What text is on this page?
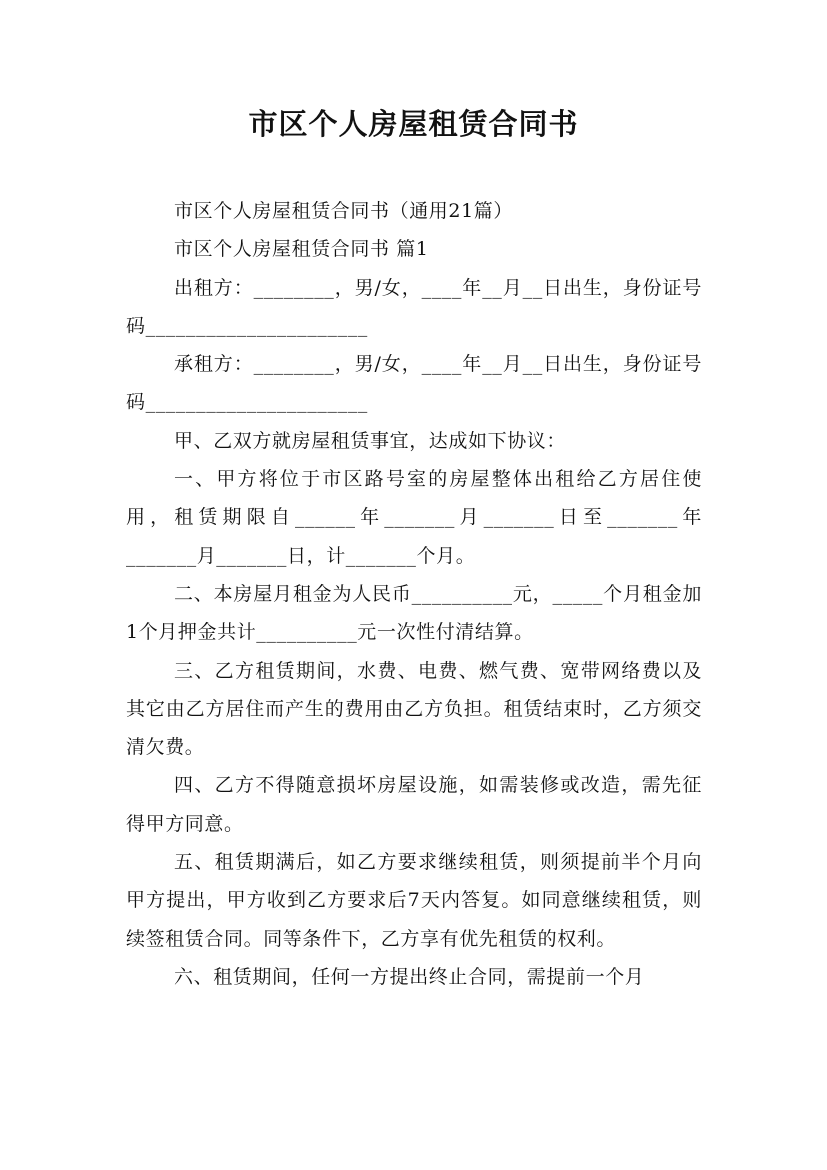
市区个人房屋租赁合同书

市区个人房屋租赁合同书（通用21篇）

市区个人房屋租赁合同书 篇1

出租方：________，男/女，____年__月__日出生，身份证号码______________________

承租方：________，男/女，____年__月__日出生，身份证号码______________________

甲、乙双方就房屋租赁事宜，达成如下协议：

一、甲方将位于市区路号室的房屋整体出租给乙方居住使用，租赁期限自______年_______月_______日至_______年_______月_______日，计_______个月。

二、本房屋月租金为人民币__________元，_____个月租金加1个月押金共计__________元一次性付清结算。

三、乙方租赁期间，水费、电费、燃气费、宽带网络费以及其它由乙方居住而产生的费用由乙方负担。租赁结束时，乙方须交清欠费。

四、乙方不得随意损坏房屋设施，如需装修或改造，需先征得甲方同意。

五、租赁期满后，如乙方要求继续租赁，则须提前半个月向甲方提出，甲方收到乙方要求后7天内答复。如同意继续租赁，则续签租赁合同。同等条件下，乙方享有优先租赁的权利。

六、租赁期间，任何一方提出终止合同，需提前一个月
